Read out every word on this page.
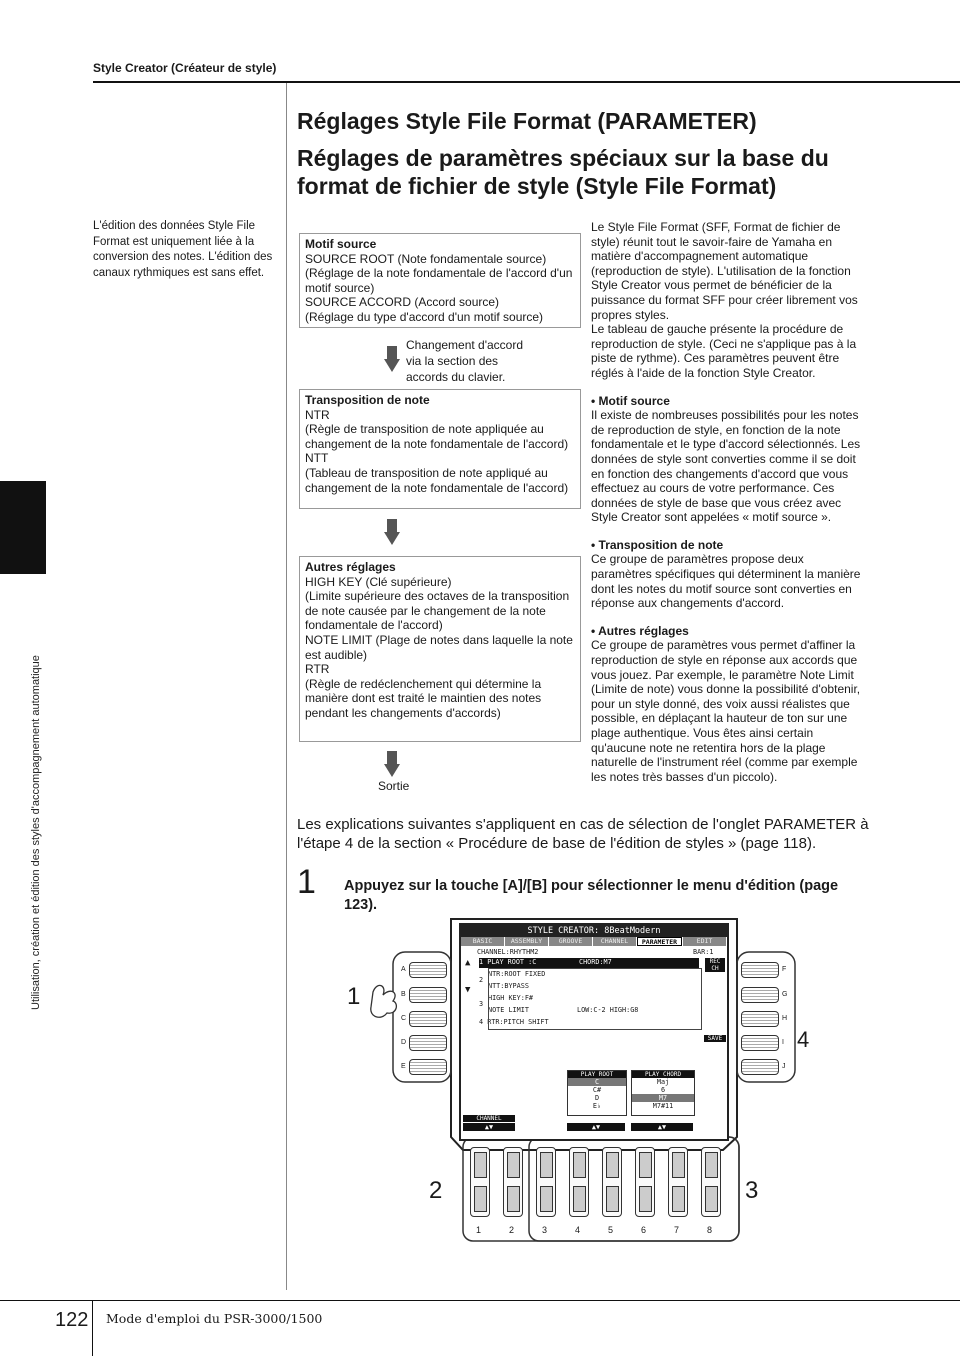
Style Creator (Créateur de style)
Utilisation, création et édition des styles d'accompagnement automatique
Réglages Style File Format (PARAMETER)
Réglages de paramètres spéciaux sur la base du
format de fichier de style (Style File Format)
L'édition des données Style File Format est uniquement liée à la conversion des notes. L'édition des canaux rythmiques est sans effet.
Motif source
SOURCE ROOT (Note fondamentale source)
(Réglage de la note fondamentale de l'accord d'un motif source)
SOURCE ACCORD (Accord source)
(Réglage du type d'accord d'un motif source)
Changement d'accord
via la section des
accords du clavier.
Transposition de note
NTR
(Règle de transposition de note appliquée au changement de la note fondamentale de l'accord)
NTT
(Tableau de transposition de note appliqué au changement de la note fondamentale de l'accord)
Autres réglages
HIGH KEY (Clé supérieure)
(Limite supérieure des octaves de la transposition de note causée par le changement de la note fondamentale de l'accord)
NOTE LIMIT (Plage de notes dans laquelle la note est audible)
RTR
(Règle de redéclenchement qui détermine la manière dont est traité le maintien des notes pendant les changements d'accords)
Sortie

Le Style File Format (SFF, Format de fichier de style) réunit tout le savoir-faire de Yamaha en matière d'accompagnement automatique (reproduction de style). L'utilisation de la fonction Style Creator vous permet de bénéficier de la puissance du format SFF pour créer librement vos propres styles.

Le tableau de gauche présente la procédure de reproduction de style. (Ceci ne s'applique pas à la piste de rythme). Ces paramètres peuvent être réglés à l'aide de la fonction Style Creator.

• Motif source

Il existe de nombreuses possibilités pour les notes de reproduction de style, en fonction de la note fondamentale et le type d'accord sélectionnés. Les données de style sont converties comme il se doit en fonction des changements d'accord que vous effectuez au cours de votre performance. Ces données de style de base que vous créez avec Style Creator sont appelées « motif source ».

• Transposition de note

Ce groupe de paramètres propose deux paramètres spécifiques qui déterminent la manière dont les notes du motif source sont converties en réponse aux changements d'accord.

• Autres réglages

Ce groupe de paramètres vous permet d'affiner la reproduction de style en réponse aux accords que vous jouez. Par exemple, le paramètre Note Limit (Limite de note) vous donne la possibilité d'obtenir, pour un style donné, des voix aussi réalistes que possible, en déplaçant la hauteur de ton sur une plage authentique. Vous êtes ainsi certain qu'aucune note ne retentira hors de la plage naturelle de l'instrument réel (comme par exemple les notes très basses d'un piccolo).

Les explications suivantes s'appliquent en cas de sélection de l'onglet PARAMETER à l'étape 4 de la section « Procédure de base de l'édition de styles » (page 118).
1 Appuyez sur la touche [A]/[B] pour sélectionner le menu d'édition (page 123).
STYLE CREATOR: 8BeatModern
BASIC	ASSEMBLY	GROOVE	CHANNEL	PARAMETER	EDIT
CHANNEL:RHYTHM2	BAR:1
▲
▼
1 PLAY ROOT :C	CHORD:M7
NTR:ROOT FIXED
2
NTT:BYPASS
HIGH KEY:F#
3
NOTE LIMIT	LOW:C-2 HIGH:G8
4 RTR:PITCH SHIFT
REC CH
SAVE
PLAY ROOT
C
C#
D
E♭
PLAY CHORD
Maj
6
M7
M7#11
CHANNEL
▲▼	▲▼	▲▼
A
B
C
D
E
F
G
H
I
J
1	2	3	4	5	6	7	8
1
2	3
4
122 Mode d'emploi du PSR-3000/1500
